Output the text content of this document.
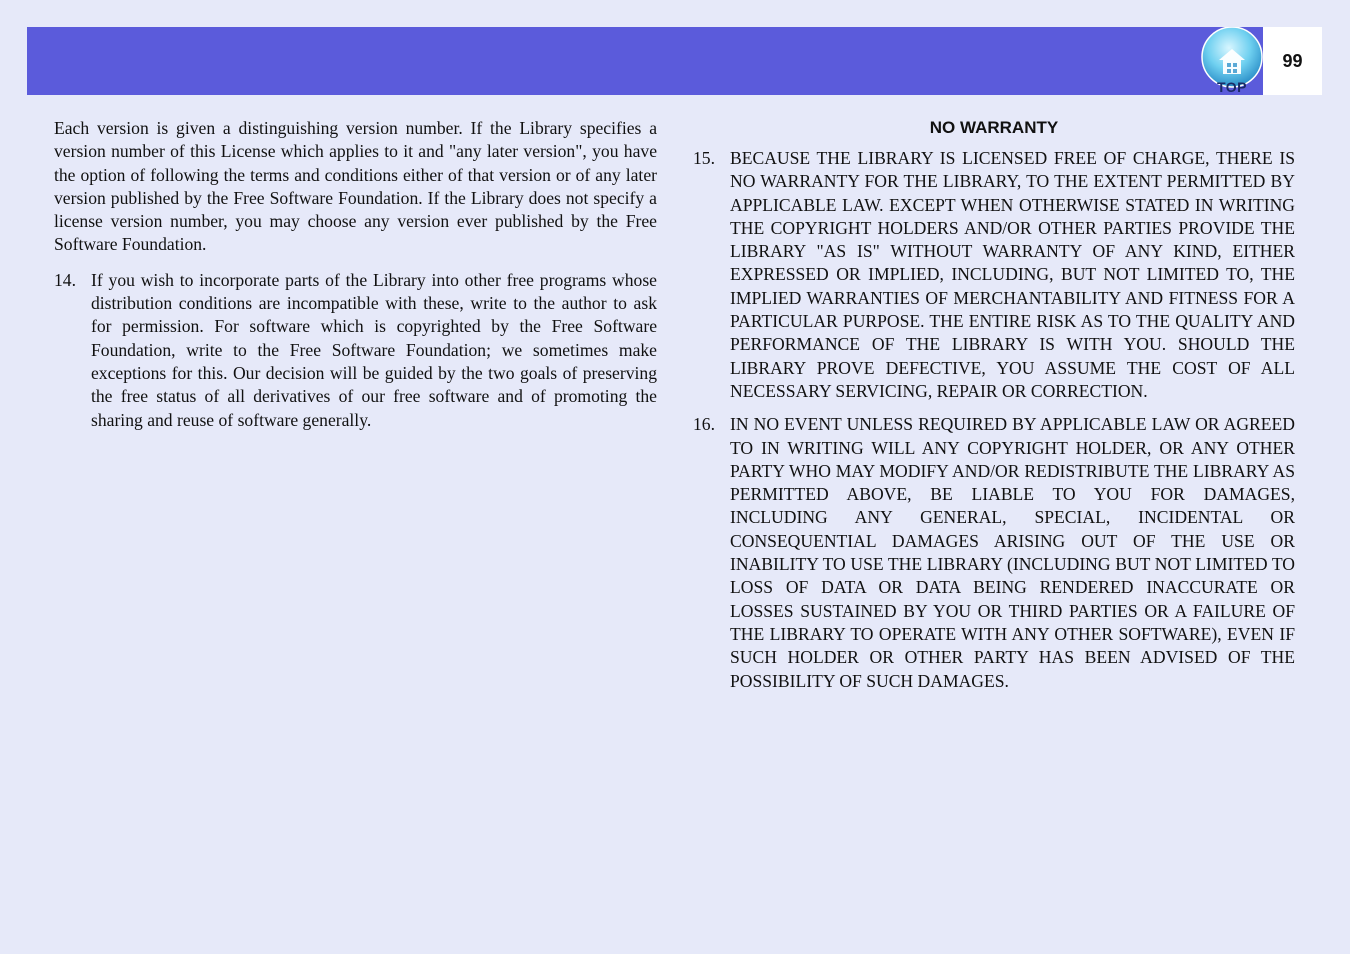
TOP
99

Each version is given a distinguishing version number. If the Library specifies a version number of this License which applies to it and "any later version", you have the option of following the terms and conditions either of that version or of any later version published by the Free Software Foundation. If the Library does not specify a license version number, you may choose any version ever published by the Free Software Foundation.

14. If you wish to incorporate parts of the Library into other free programs whose distribution conditions are incompatible with these, write to the author to ask for permission. For software which is copyrighted by the Free Software Foundation, write to the Free Software Foundation; we sometimes make exceptions for this. Our decision will be guided by the two goals of preserving the free status of all derivatives of our free software and of promoting the sharing and reuse of software generally.

NO WARRANTY
15. BECAUSE THE LIBRARY IS LICENSED FREE OF CHARGE, THERE IS NO WARRANTY FOR THE LIBRARY, TO THE EXTENT PERMITTED BY APPLICABLE LAW. EXCEPT WHEN OTHERWISE STATED IN WRITING THE COPYRIGHT HOLDERS AND/OR OTHER PARTIES PROVIDE THE LIBRARY "AS IS" WITHOUT WARRANTY OF ANY KIND, EITHER EXPRESSED OR IMPLIED, INCLUDING, BUT NOT LIMITED TO, THE IMPLIED WARRANTIES OF MERCHANTABILITY AND FITNESS FOR A PARTICULAR PURPOSE. THE ENTIRE RISK AS TO THE QUALITY AND PERFORMANCE OF THE LIBRARY IS WITH YOU. SHOULD THE LIBRARY PROVE DEFECTIVE, YOU ASSUME THE COST OF ALL NECESSARY SERVICING, REPAIR OR CORRECTION.

16. IN NO EVENT UNLESS REQUIRED BY APPLICABLE LAW OR AGREED TO IN WRITING WILL ANY COPYRIGHT HOLDER, OR ANY OTHER PARTY WHO MAY MODIFY AND/OR REDISTRIBUTE THE LIBRARY AS PERMITTED ABOVE, BE LIABLE TO YOU FOR DAMAGES, INCLUDING ANY GENERAL, SPECIAL, INCIDENTAL OR CONSEQUENTIAL DAMAGES ARISING OUT OF THE USE OR INABILITY TO USE THE LIBRARY (INCLUDING BUT NOT LIMITED TO LOSS OF DATA OR DATA BEING RENDERED INACCURATE OR LOSSES SUSTAINED BY YOU OR THIRD PARTIES OR A FAILURE OF THE LIBRARY TO OPERATE WITH ANY OTHER SOFTWARE), EVEN IF SUCH HOLDER OR OTHER PARTY HAS BEEN ADVISED OF THE POSSIBILITY OF SUCH DAMAGES.
